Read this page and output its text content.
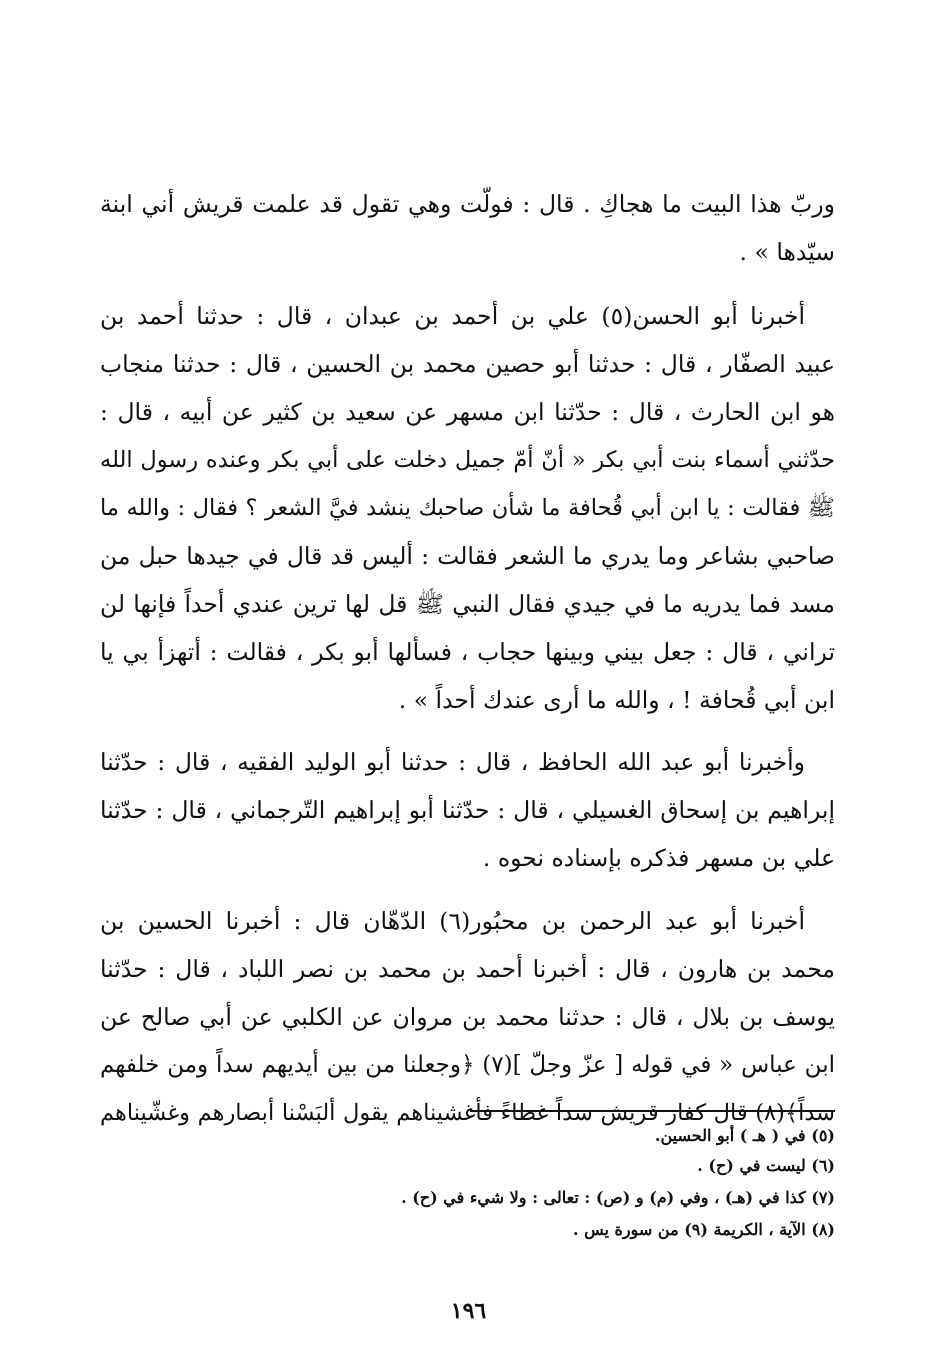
وربّ هذا البيت ما هجاكِ . قال : فولّت وهي تقول قد علمت قريش أني ابنة
سيّدها » .
أخبرنا أبو الحسن(٥) علي بن أحمد بن عبدان ، قال : حدثنا أحمد بن
عبيد الصفّار ، قال : حدثنا أبو حصين محمد بن الحسين ، قال : حدثنا منجاب
هو ابن الحارث ، قال : حدّثنا ابن مسهر عن سعيد بن كثير عن أبيه ، قال :
حدّثني أسماء بنت أبي بكر « أنّ أمّ جميل دخلت على أبي بكر وعنده رسول الله
ﷺ فقالت : يا ابن أبي قُحافة ما شأن صاحبك ينشد فيَّ الشعر ؟ فقال : والله ما
صاحبي بشاعر وما يدري ما الشعر فقالت : أليس قد قال في جيدها حبل من
مسد فما يدريه ما في جيدي فقال النبي ﷺ قل لها ترين عندي أحداً فإنها لن
تراني ، قال : جعل بيني وبينها حجاب ، فسألها أبو بكر ، فقالت : أتهزأ بي يا
ابن أبي قُحافة ! ، والله ما أرى عندك أحداً » .
وأخبرنا أبو عبد الله الحافظ ، قال : حدثنا أبو الوليد الفقيه ، قال : حدّثنا
إبراهيم بن إسحاق الغسيلي ، قال : حدّثنا أبو إبراهيم التّرجماني ، قال : حدّثنا
علي بن مسهر فذكره بإسناده نحوه .
أخبرنا أبو عبد الرحمن بن محبُور(٦) الدّهّان قال : أخبرنا الحسين بن
محمد بن هارون ، قال : أخبرنا أحمد بن محمد بن نصر اللباد ، قال : حدّثنا
يوسف بن بلال ، قال : حدثنا محمد بن مروان عن الكلبي عن أبي صالح عن
ابن عباس « في قوله [ عزّ وجلّ ](٧) ﴿وجعلنا من بين أيديهم سداً ومن خلفهم
سداً﴾(٨) قال كفار قريش سداً غطاءً فأغشيناهم يقول ألبَسْنا أبصارهم وغشّيناهم
(٥) في ( هـ ) أبو الحسين.
(٦) ليست في (ح) .
(٧) كذا في (هـ) ، وفي (م) و (ص) : تعالى : ولا شيء في (ح) .
(٨) الآية ، الكريمة (٩) من سورة يس .
١٩٦
